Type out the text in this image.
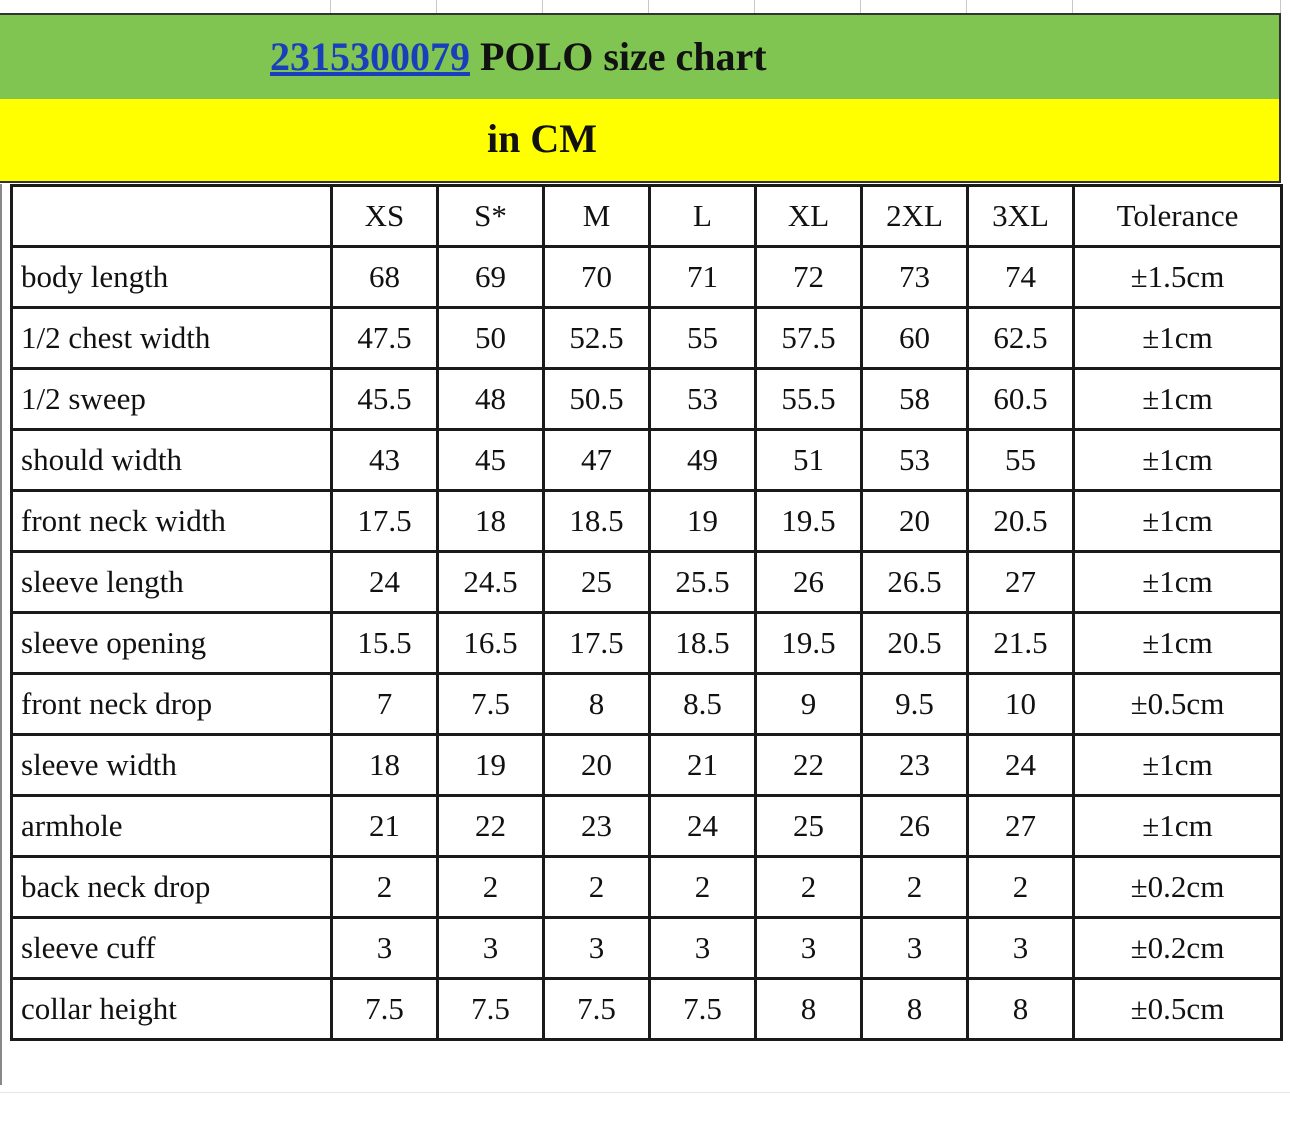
2315300079 POLO size chart
in CM
	XS	S*	M	L	XL	2XL	3XL	Tolerance
body length	68	69	70	71	72	73	74	±1.5cm
1/2 chest width	47.5	50	52.5	55	57.5	60	62.5	±1cm
1/2 sweep	45.5	48	50.5	53	55.5	58	60.5	±1cm
should width	43	45	47	49	51	53	55	±1cm
front neck width	17.5	18	18.5	19	19.5	20	20.5	±1cm
sleeve length	24	24.5	25	25.5	26	26.5	27	±1cm
sleeve opening	15.5	16.5	17.5	18.5	19.5	20.5	21.5	±1cm
front neck drop	7	7.5	8	8.5	9	9.5	10	±0.5cm
sleeve width	18	19	20	21	22	23	24	±1cm
armhole	21	22	23	24	25	26	27	±1cm
back neck drop	2	2	2	2	2	2	2	±0.2cm
sleeve cuff	3	3	3	3	3	3	3	±0.2cm
collar height	7.5	7.5	7.5	7.5	8	8	8	±0.5cm
